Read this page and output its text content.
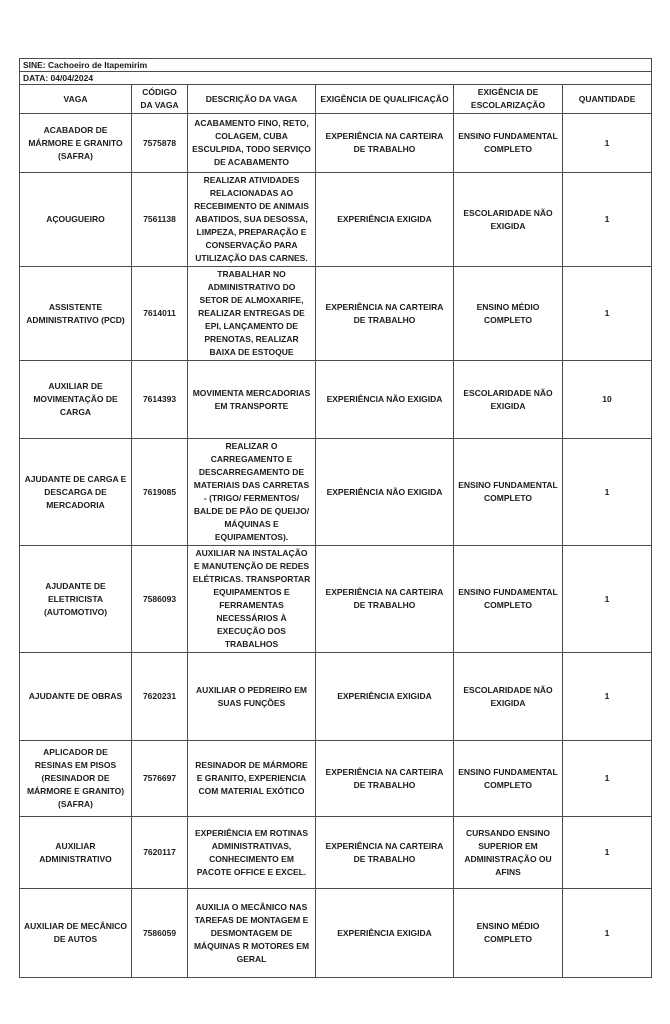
SINE: Cachoeiro de Itapemirim					
DATA: 04/04/2024					
VAGA	CÓDIGO DA VAGA	DESCRIÇÃO DA VAGA	EXIGÊNCIA DE QUALIFICAÇÃO	EXIGÊNCIA DE ESCOLARIZAÇÃO	QUANTIDADE
ACABADOR DE MÁRMORE E GRANITO (SAFRA)	7575878	ACABAMENTO FINO, RETO, COLAGEM, CUBA ESCULPIDA, TODO SERVIÇO DE ACABAMENTO	EXPERIÊNCIA NA CARTEIRA DE TRABALHO	ENSINO FUNDAMENTAL COMPLETO	1
AÇOUGUEIRO	7561138	REALIZAR ATIVIDADES RELACIONADAS AO RECEBIMENTO DE ANIMAIS ABATIDOS, SUA DESOSSA, LIMPEZA, PREPARAÇÃO E CONSERVAÇÃO PARA UTILIZAÇÃO DAS CARNES.	EXPERIÊNCIA EXIGIDA	ESCOLARIDADE NÃO EXIGIDA	1
ASSISTENTE ADMINISTRATIVO (PCD)	7614011	TRABALHAR NO ADMINISTRATIVO DO SETOR DE ALMOXARIFE, REALIZAR ENTREGAS DE EPI, LANÇAMENTO DE PRENOTAS, REALIZAR BAIXA DE ESTOQUE	EXPERIÊNCIA NA CARTEIRA DE TRABALHO	ENSINO MÉDIO COMPLETO	1
AUXILIAR DE MOVIMENTAÇÃO DE CARGA	7614393	MOVIMENTA MERCADORIAS EM TRANSPORTE	EXPERIÊNCIA NÃO EXIGIDA	ESCOLARIDADE NÃO EXIGIDA	10
AJUDANTE DE CARGA E DESCARGA DE MERCADORIA	7619085	REALIZAR O CARREGAMENTO E DESCARREGAMENTO DE MATERIAIS DAS CARRETAS - (TRIGO/ FERMENTOS/ BALDE DE PÃO DE QUEIJO/ MÁQUINAS E EQUIPAMENTOS).	EXPERIÊNCIA NÃO EXIGIDA	ENSINO FUNDAMENTAL COMPLETO	1
AJUDANTE DE ELETRICISTA (AUTOMOTIVO)	7586093	AUXILIAR NA INSTALAÇÃO E MANUTENÇÃO DE REDES ELÉTRICAS. TRANSPORTAR EQUIPAMENTOS E FERRAMENTAS NECESSÁRIOS À EXECUÇÃO DOS TRABALHOS	EXPERIÊNCIA NA CARTEIRA DE TRABALHO	ENSINO FUNDAMENTAL COMPLETO	1
AJUDANTE DE OBRAS	7620231	AUXILIAR O PEDREIRO EM SUAS FUNÇÕES	EXPERIÊNCIA EXIGIDA	ESCOLARIDADE NÃO EXIGIDA	1
APLICADOR DE RESINAS EM PISOS (RESINADOR DE MÁRMORE E GRANITO) (SAFRA)	7576697	RESINADOR DE MÁRMORE E GRANITO, EXPERIENCIA COM MATERIAL EXÓTICO	EXPERIÊNCIA NA CARTEIRA DE TRABALHO	ENSINO FUNDAMENTAL COMPLETO	1
AUXILIAR ADMINISTRATIVO	7620117	EXPERIÊNCIA EM ROTINAS ADMINISTRATIVAS, CONHECIMENTO EM PACOTE OFFICE E EXCEL.	EXPERIÊNCIA NA CARTEIRA DE TRABALHO	CURSANDO ENSINO SUPERIOR EM ADMINISTRAÇÃO OU AFINS	1
AUXILIAR DE MECÂNICO DE AUTOS	7586059	AUXILIA O MECÂNICO NAS TAREFAS DE MONTAGEM E DESMONTAGEM DE MÁQUINAS R MOTORES EM GERAL	EXPERIÊNCIA EXIGIDA	ENSINO MÉDIO COMPLETO	1
